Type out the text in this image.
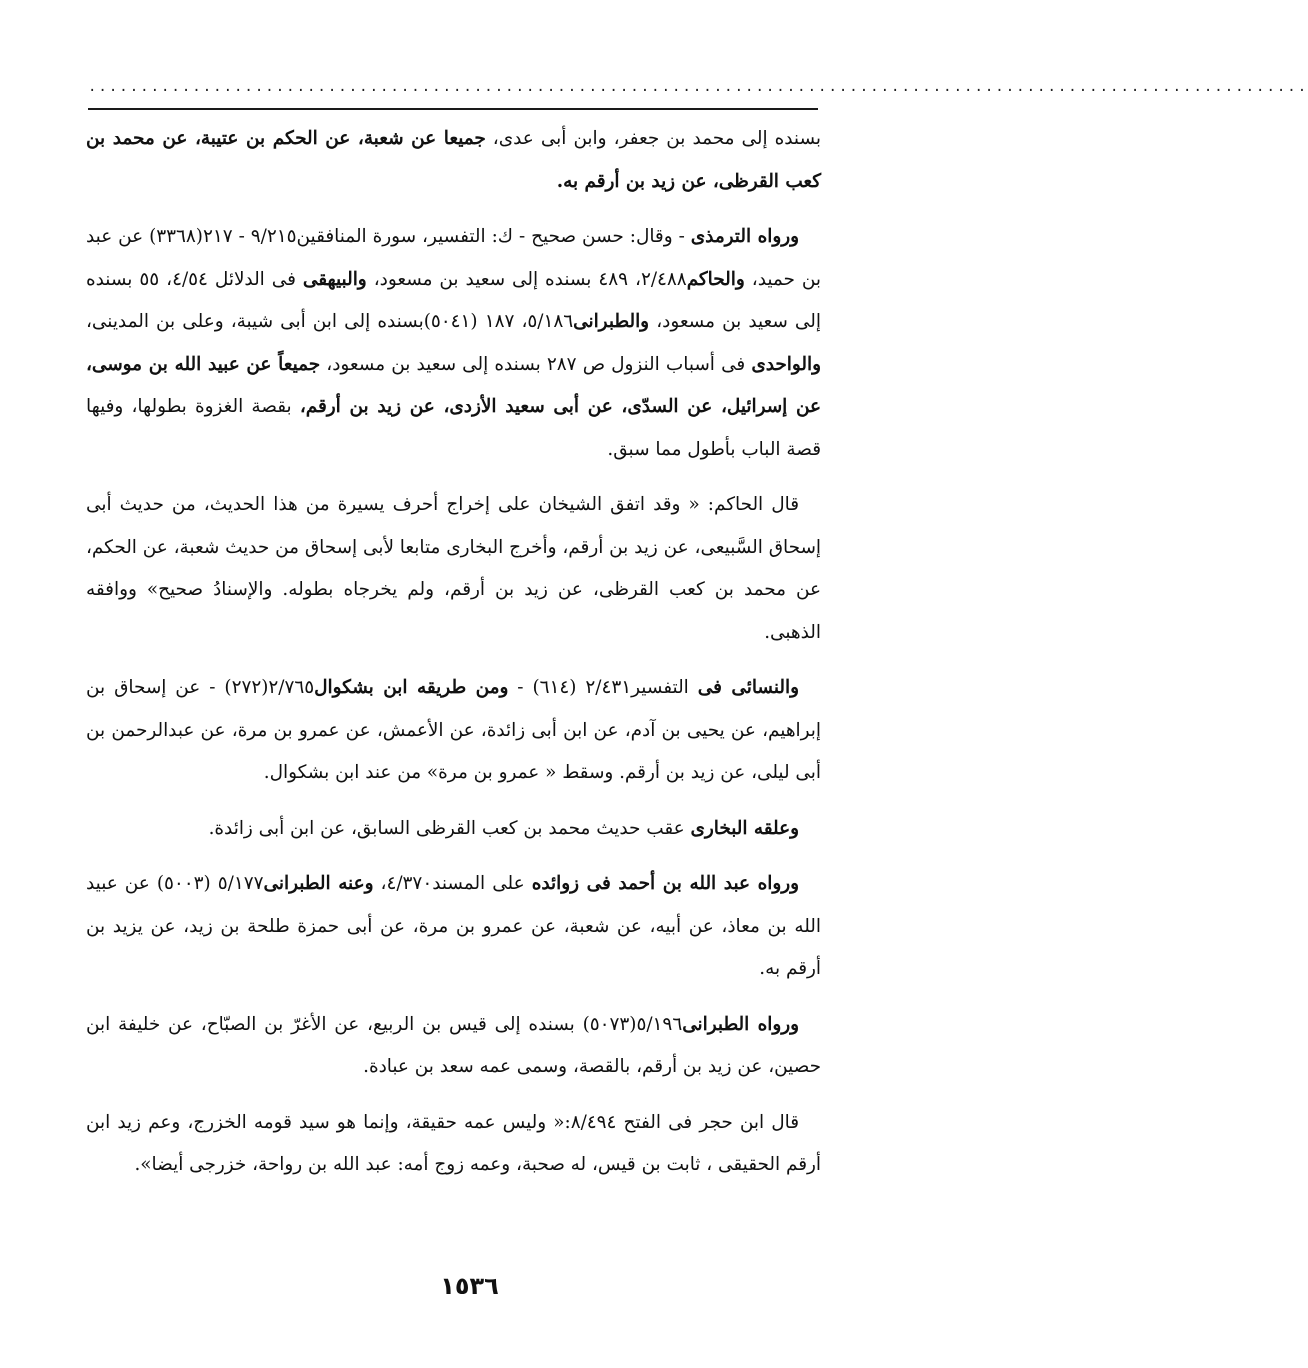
.....................................................................................................................

بسنده إلى محمد بن جعفر، وابن أبى عدى، جميعا عن شعبة، عن الحكم بن عتيبة، عن محمد بن كعب القرظى، عن زيد بن أرقم به.

ورواه الترمذى - وقال: حسن صحيح - ك: التفسير، سورة المنافقين٩/٢١٥ - ٢١٧(٣٣٦٨) عن عبد بن حميد، والحاكم٢/٤٨٨، ٤٨٩ بسنده إلى سعيد بن مسعود، والبيهقى فى الدلائل ٤/٥٤، ٥٥ بسنده إلى سعيد بن مسعود، والطبرانى٥/١٨٦، ١٨٧ (٥٠٤١)بسنده إلى ابن أبى شيبة، وعلى بن المدينى، والواحدى فى أسباب النزول ص ٢٨٧ بسنده إلى سعيد بن مسعود، جميعاً عن عبيد الله بن موسى، عن إسرائيل، عن السدّى، عن أبى سعيد الأزدى، عن زيد بن أرقم، بقصة الغزوة بطولها، وفيها قصة الباب بأطول مما سبق.

قال الحاكم: « وقد اتفق الشيخان على إخراج أحرف يسيرة من هذا الحديث، من حديث أبى إسحاق السَّبيعى، عن زيد بن أرقم، وأخرج البخارى متابعا لأبى إسحاق من حديث شعبة، عن الحكم، عن محمد بن كعب القرظى، عن زيد بن أرقم، ولم يخرجاه بطوله. والإسنادُ صحيح» ووافقه الذهبى.

والنسائى فى التفسير٢/٤٣١ (٦١٤) - ومن طريقه ابن بشكوال٢/٧٦٥(٢٧٢) - عن إسحاق بن إبراهيم، عن يحيى بن آدم، عن ابن أبى زائدة، عن الأعمش، عن عمرو بن مرة، عن عبدالرحمن بن أبى ليلى، عن زيد بن أرقم. وسقط « عمرو بن مرة» من عند ابن بشكوال.

وعلقه البخارى عقب حديث محمد بن كعب القرظى السابق، عن ابن أبى زائدة.

ورواه عبد الله بن أحمد فى زوائده على المسند٤/٣٧٠، وعنه الطبرانى٥/١٧٧ (٥٠٠٣) عن عبيد الله بن معاذ، عن أبيه، عن شعبة، عن عمرو بن مرة، عن أبى حمزة طلحة بن زيد، عن يزيد بن أرقم به.

ورواه الطبرانى٥/١٩٦(٥٠٧٣) بسنده إلى قيس بن الربيع، عن الأغرّ بن الصبّاح، عن خليفة ابن حصين، عن زيد بن أرقم، بالقصة، وسمى عمه سعد بن عبادة.

قال ابن حجر فى الفتح ٨/٤٩٤:« وليس عمه حقيقة، وإنما هو سيد قومه الخزرج، وعم زيد ابن أرقم الحقيقى ، ثابت بن قيس، له صحبة، وعمه زوج أمه: عبد الله بن رواحة، خزرجى أيضا».

١٥٣٦
